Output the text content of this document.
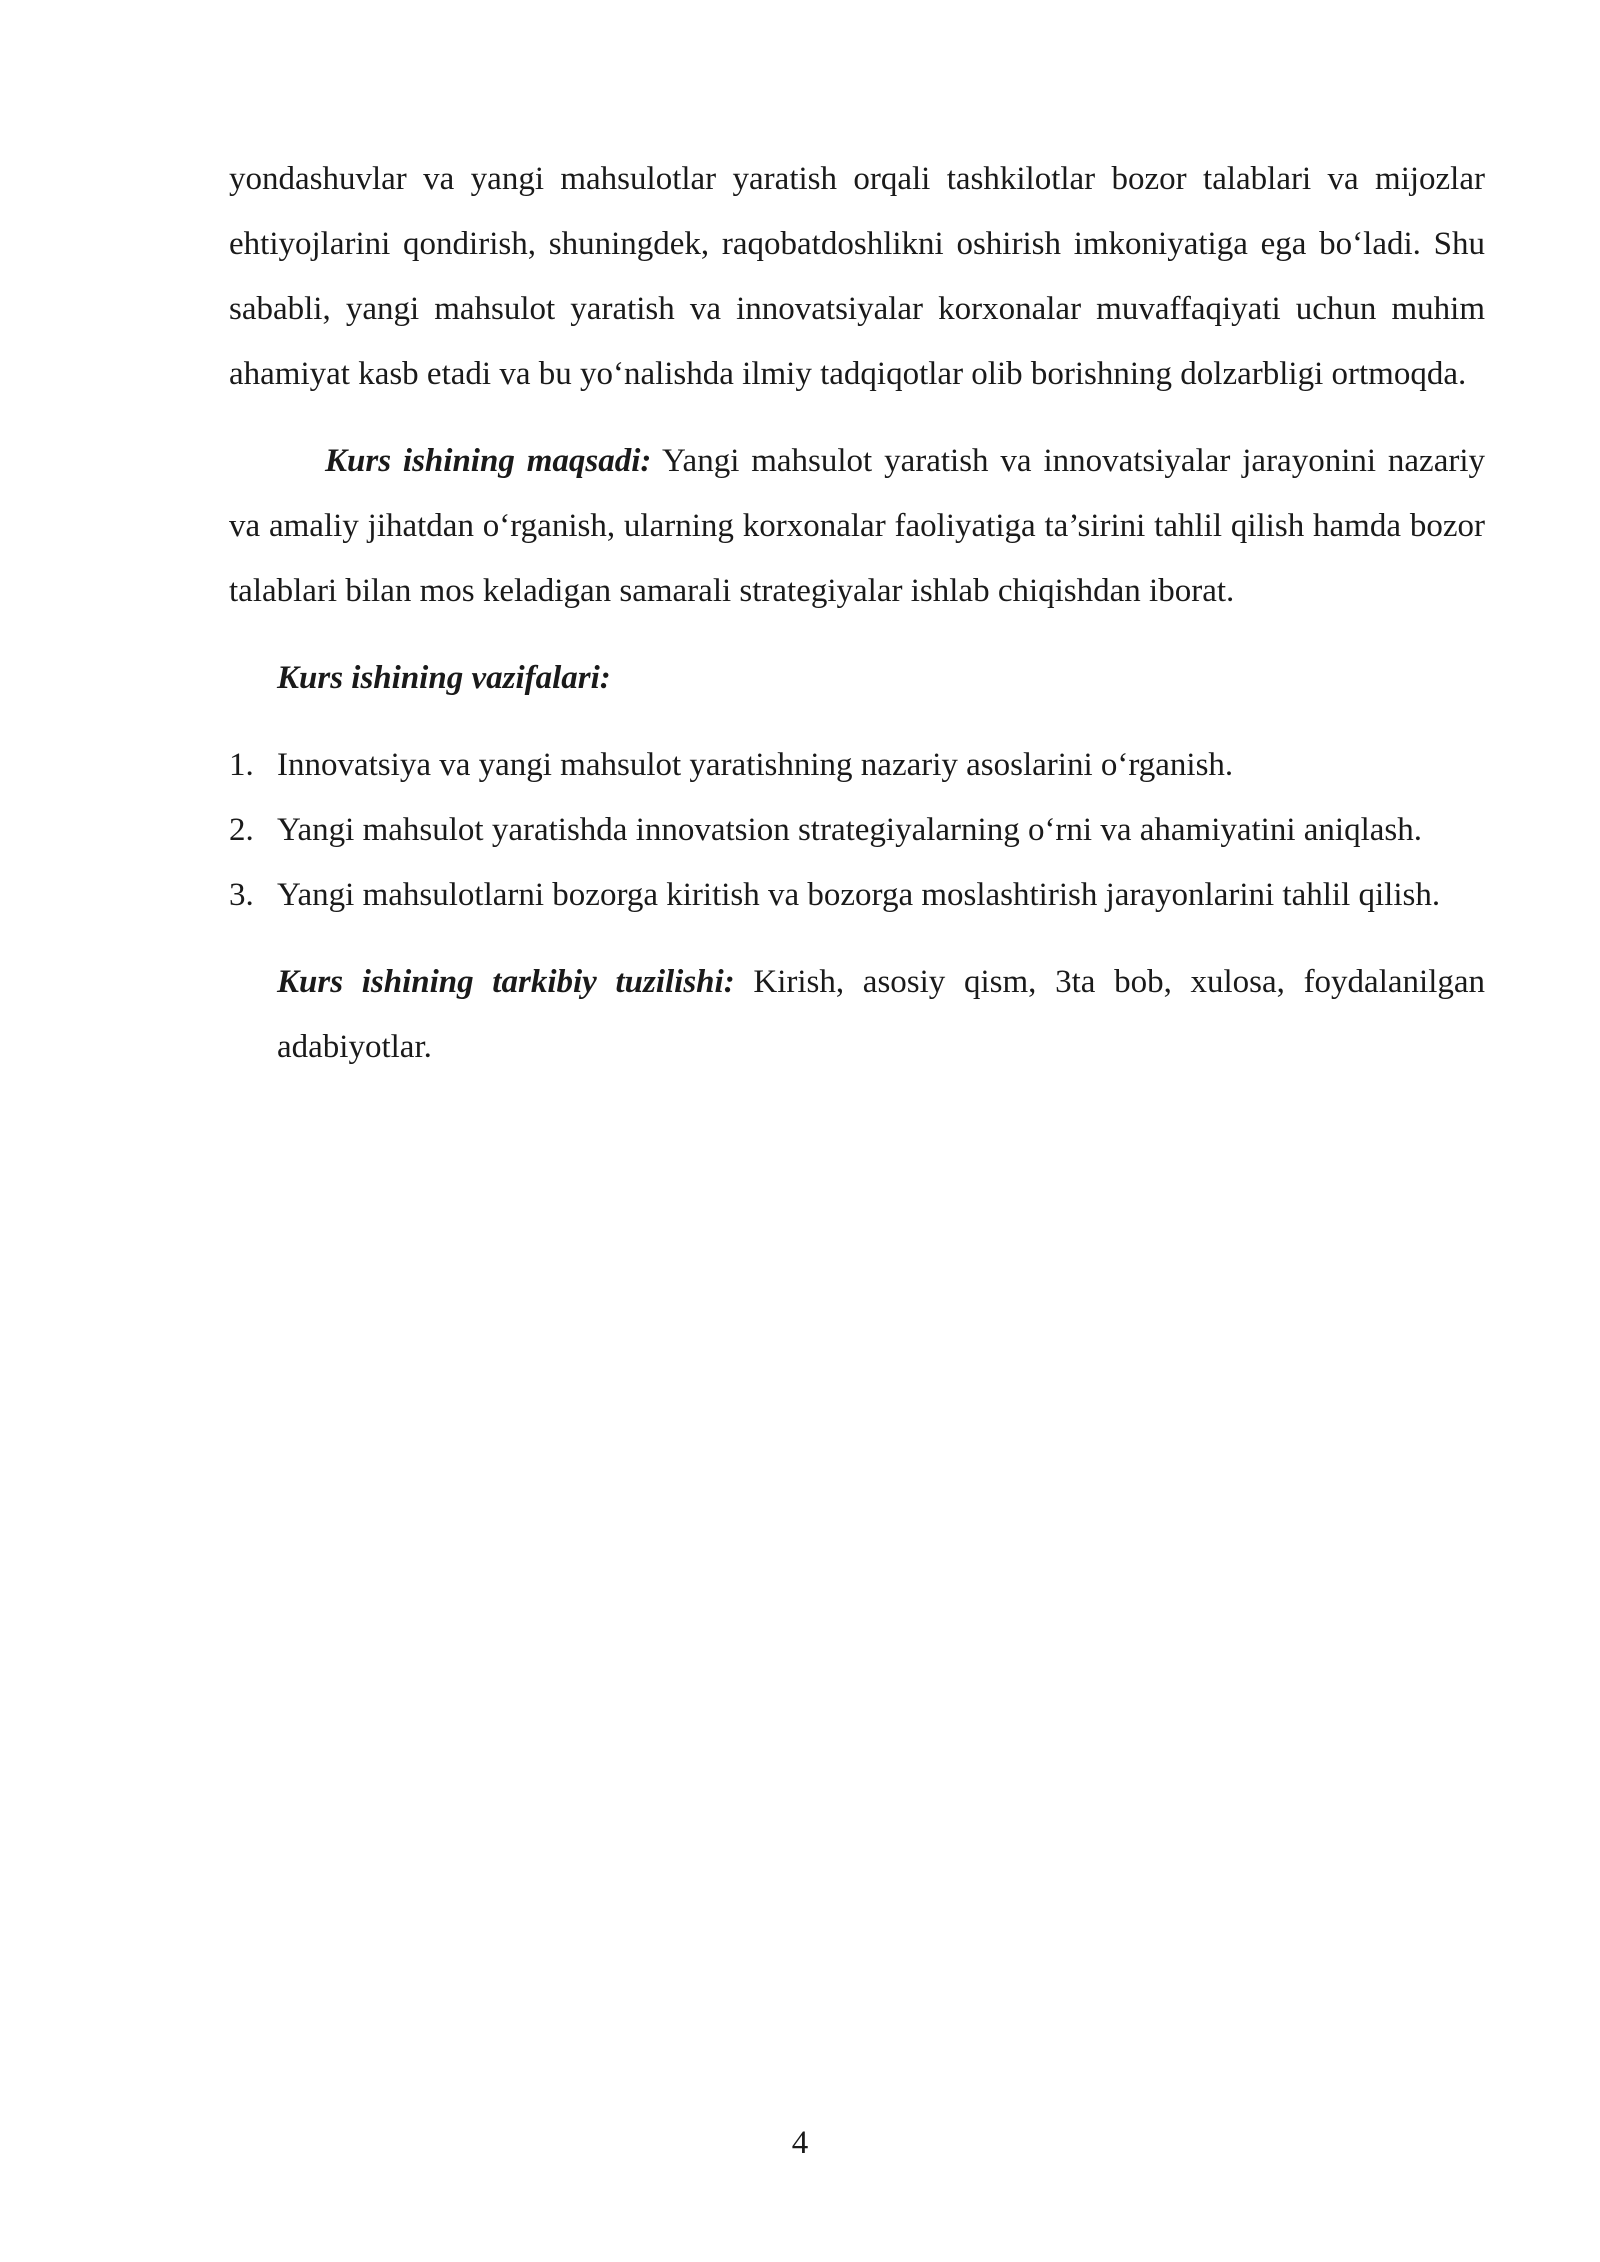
yondashuvlar va yangi mahsulotlar yaratish orqali tashkilotlar bozor talablari va mijozlar ehtiyojlarini qondirish, shuningdek, raqobatdoshlikni oshirish imkoniyatiga ega bo‘ladi. Shu sababli, yangi mahsulot yaratish va innovatsiyalar korxonalar muvaffaqiyati uchun muhim ahamiyat kasb etadi va bu yo‘nalishda ilmiy tadqiqotlar olib borishning dolzarbligi ortmoqda.

Kurs ishining maqsadi: Yangi mahsulot yaratish va innovatsiyalar jarayonini nazariy va amaliy jihatdan o‘rganish, ularning korxonalar faoliyatiga ta’sirini tahlil qilish hamda bozor talablari bilan mos keladigan samarali strategiyalar ishlab chiqishdan iborat.

Kurs ishining vazifalari:

1. Innovatsiya va yangi mahsulot yaratishning nazariy asoslarini o‘rganish.
2. Yangi mahsulot yaratishda innovatsion strategiyalarning o‘rni va ahamiyatini aniqlash.
3. Yangi mahsulotlarni bozorga kiritish va bozorga moslashtirish jarayonlarini tahlil qilish.

Kurs ishining tarkibiy tuzilishi: Kirish, asosiy qism, 3ta bob, xulosa, foydalanilgan adabiyotlar.

4
